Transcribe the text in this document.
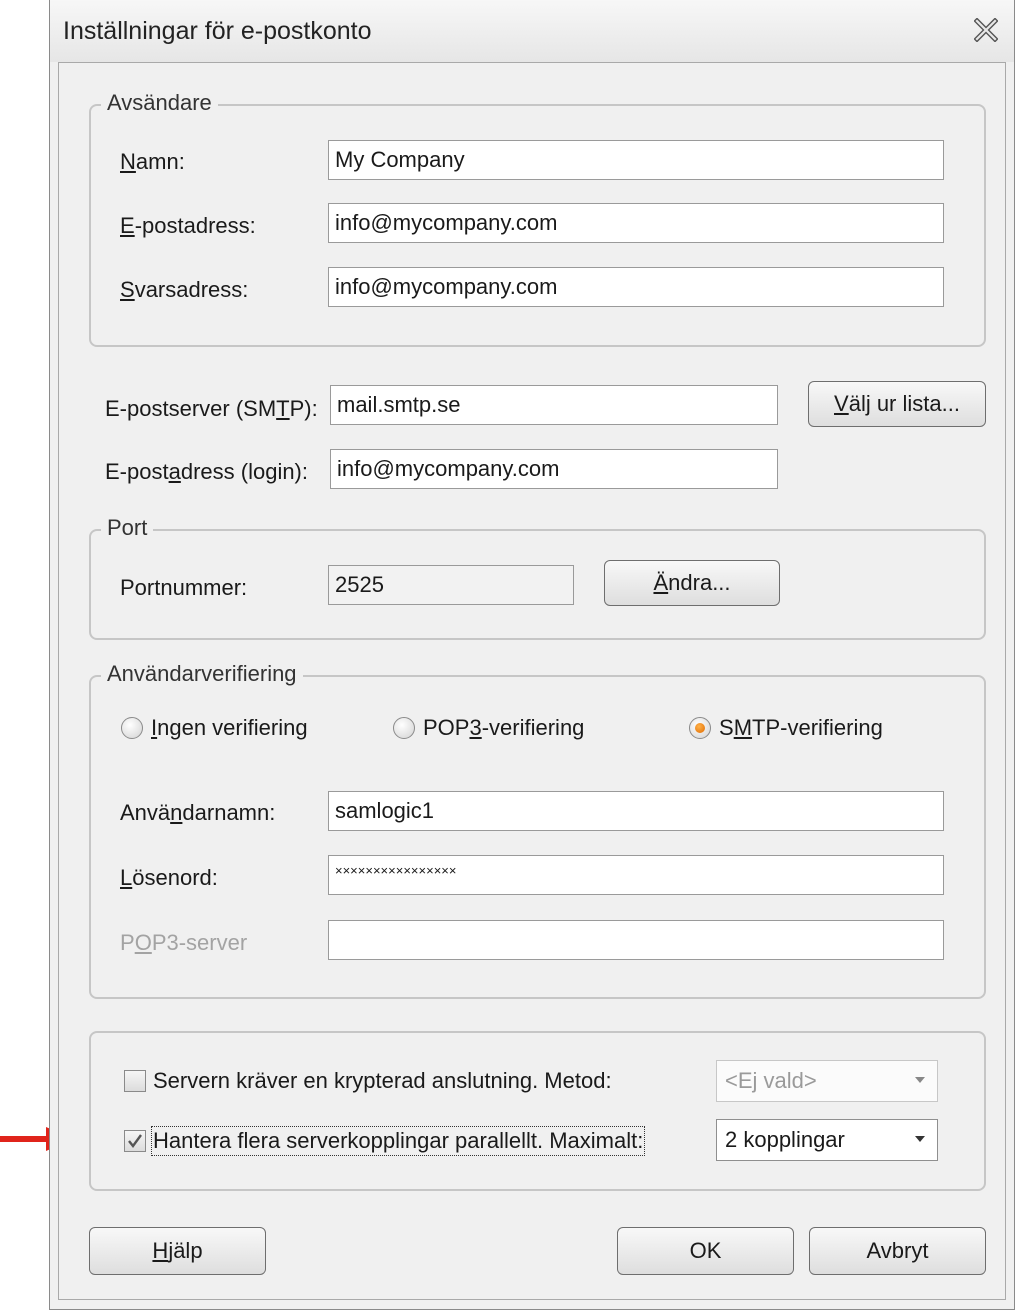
Inställningar för e-postkonto
Avsändare
Namn:	My Company
E-postadress:	info@mycompany.com
Svarsadress:	info@mycompany.com
E-postserver (SMTP): mail.smtp.se	Välj ur lista...
E-postadress (login):	info@mycompany.com
Port
Portnummer:	2525	Ändra...
Användarverifiering
Ingen verifiering	POP3-verifiering	SMTP-verifiering
Användarnamn:	samlogic1
Lösenord:	××××××××××××××××
POP3-server
Servern kräver en krypterad anslutning. Metod:	<Ej vald>
Hantera flera serverkopplingar parallellt. Maximalt:	2 kopplingar
Hjälp	OK	Avbryt
